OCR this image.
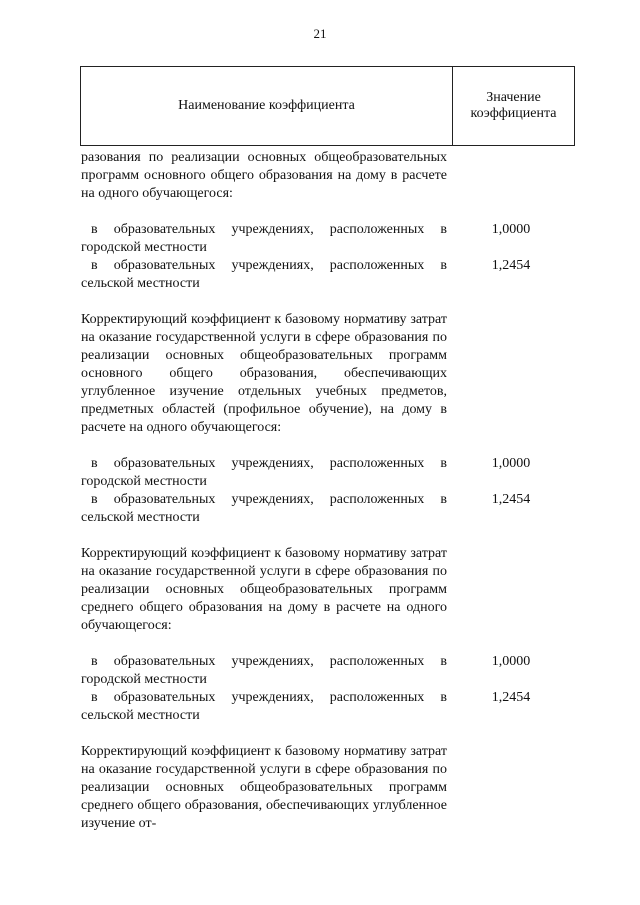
21
Наименование коэффициента
Значение
коэффициента
разования по реализации основных общеобразовательных программ основного общего образования на дому в расчете на одного обучающегося:
в образовательных учреждениях, расположенных в городской местности
1,0000
в образовательных учреждениях, расположенных в сельской местности
1,2454
Корректирующий коэффициент к базовому нормативу затрат на оказание государственной услуги в сфере образования по реализации основных общеобразовательных программ основного общего образования, обеспечивающих углубленное изучение отдельных учебных предметов, предметных областей (профильное обучение), на дому в расчете на одного обучающегося:
в образовательных учреждениях, расположенных в городской местности
1,0000
в образовательных учреждениях, расположенных в сельской местности
1,2454
Корректирующий коэффициент к базовому нормативу затрат на оказание государственной услуги в сфере образования по реализации основных общеобразовательных программ среднего общего образования на дому в расчете на одного обучающегося:
в образовательных учреждениях, расположенных в городской местности
1,0000
в образовательных учреждениях, расположенных в сельской местности
1,2454
Корректирующий коэффициент к базовому нормативу затрат на оказание государственной услуги в сфере образования по реализации основных общеобразовательных программ среднего общего образования, обеспечивающих углубленное изучение от-
